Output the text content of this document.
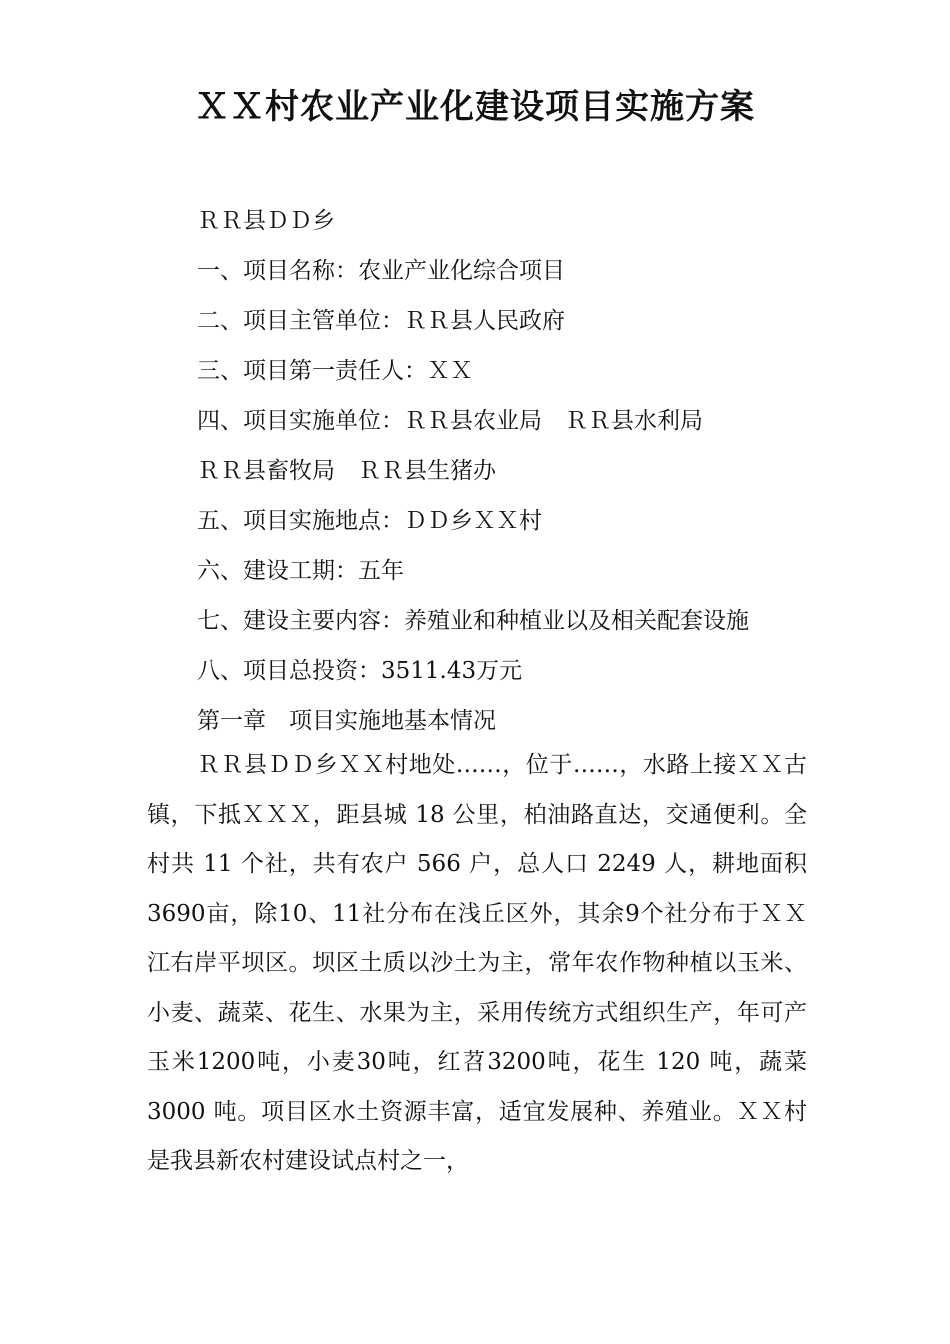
ＸＸ村农业产业化建设项目实施方案
ＲＲ县ＤＤ乡
一、项目名称：农业产业化综合项目
二、项目主管单位：ＲＲ县人民政府
三、项目第一责任人：ＸＸ
四、项目实施单位：ＲＲ县农业局　ＲＲ县水利局
ＲＲ县畜牧局　ＲＲ县生猪办
五、项目实施地点：ＤＤ乡ＸＸ村
六、建设工期：五年
七、建设主要内容：养殖业和种植业以及相关配套设施
八、项目总投资：3511.43万元
第一章　项目实施地基本情况

ＲＲ县ＤＤ乡ＸＸ村地处……，位于……，水路上接ＸＸ古镇，下抵ＸＸＸ，距县城 18 公里，柏油路直达，交通便利。全村共 11 个社，共有农户 566 户，总人口 2249 人，耕地面积3690亩，除10、11社分布在浅丘区外，其余9个社分布于ＸＸ江右岸平坝区。坝区土质以沙土为主，常年农作物种植以玉米、小麦、蔬菜、花生、水果为主，采用传统方式组织生产，年可产玉米1200吨，小麦30吨，红苕3200吨，花生 120 吨，蔬菜 3000 吨。项目区水土资源丰富，适宜发展种、养殖业。ＸＸ村是我县新农村建设试点村之一，
